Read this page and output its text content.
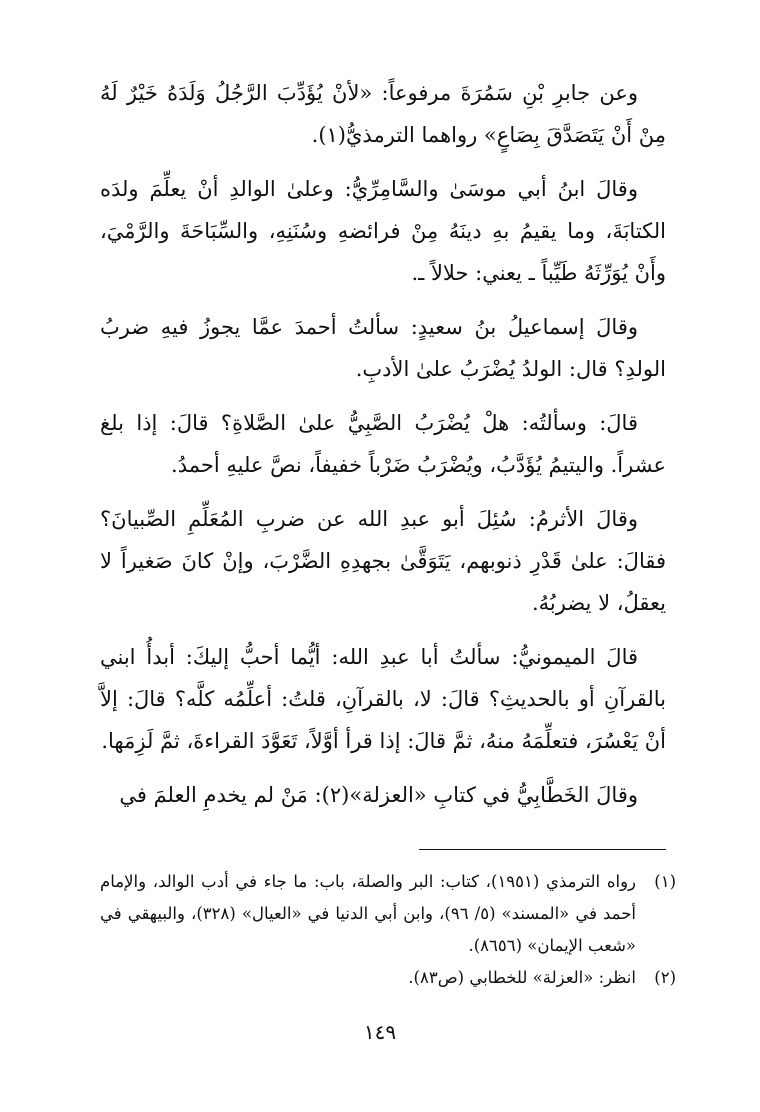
وعن جابرِ بْنِ سَمُرَةَ مرفوعاً: «لأنْ يُؤَدِّبَ الرَّجُلُ وَلَدَهُ خَيْرٌ لَهُ مِنْ أَنْ يَتَصَدَّقَ بِصَاعٍ» رواهما الترمذيُّ(١).

وقالَ ابنُ أبي موسَىٰ والسَّامِرِّيُّ: وعلىٰ الوالدِ أنْ يعلِّمَ ولدَه الكتابَةَ، وما يقيمُ بهِ دينَهُ مِنْ فرائضهِ وسُنَنِهِ، والسِّبَاحَةَ والرَّمْيَ، وأَنْ يُوَرِّثَهُ طَيِّباً ـ يعني: حلالاً ـ.

وقالَ إسماعيلُ بنُ سعيدٍ: سألتُ أحمدَ عمَّا يجوزُ فيهِ ضربُ الولدِ؟ قال: الولدُ يُضْرَبُ علىٰ الأدبِ.

قالَ: وسألتُه: هلْ يُضْرَبُ الصَّبِيُّ علىٰ الصَّلاةِ؟ قالَ: إذا بلغ عشراً. واليتيمُ يُؤَدَّبُ، ويُضْرَبُ ضَرْباً خفيفاً، نصَّ عليهِ أحمدُ.

وقالَ الأثرمُ: سُئِلَ أبو عبدِ الله عن ضربِ المُعَلِّمِ الصِّبيانَ؟ فقالَ: علىٰ قَدْرِ ذنوبهم، يَتَوَقَّىٰ بجهدِهِ الضَّرْبَ، وإنْ كانَ صَغيراً لا يعقلُ، لا يضربُهُ.

قالَ الميمونيُّ: سألتُ أبا عبدِ الله: أيُّما أحبُّ إليكَ: أبدأُ ابني بالقرآنِ أو بالحديثِ؟ قالَ: لا، بالقرآنِ، قلتُ: أعلِّمُه كلَّه؟ قالَ: إلاَّ أنْ يَعْسُرَ، فتعلِّمَهُ منهُ، ثمَّ قالَ: إذا قرأ أوَّلاً، تَعَوَّدَ القراءةَ، ثمَّ لَزِمَها.

وقالَ الخَطَّابِيُّ في كتابِ «العزلة»(٢): مَنْ لم يخدمِ العلمَ في

(١)
رواه الترمذي (١٩٥١)، كتاب: البر والصلة، باب: ما جاء في أدب الوالد، والإمام أحمد في «المسند» (٥/ ٩٦)، وابن أبي الدنيا في «العيال» (٣٢٨)، والبيهقي في «شعب الإيمان» (٨٦٥٦).
(٢)
انظر: «العزلة» للخطابي (ص٨٣).
١٤٩
